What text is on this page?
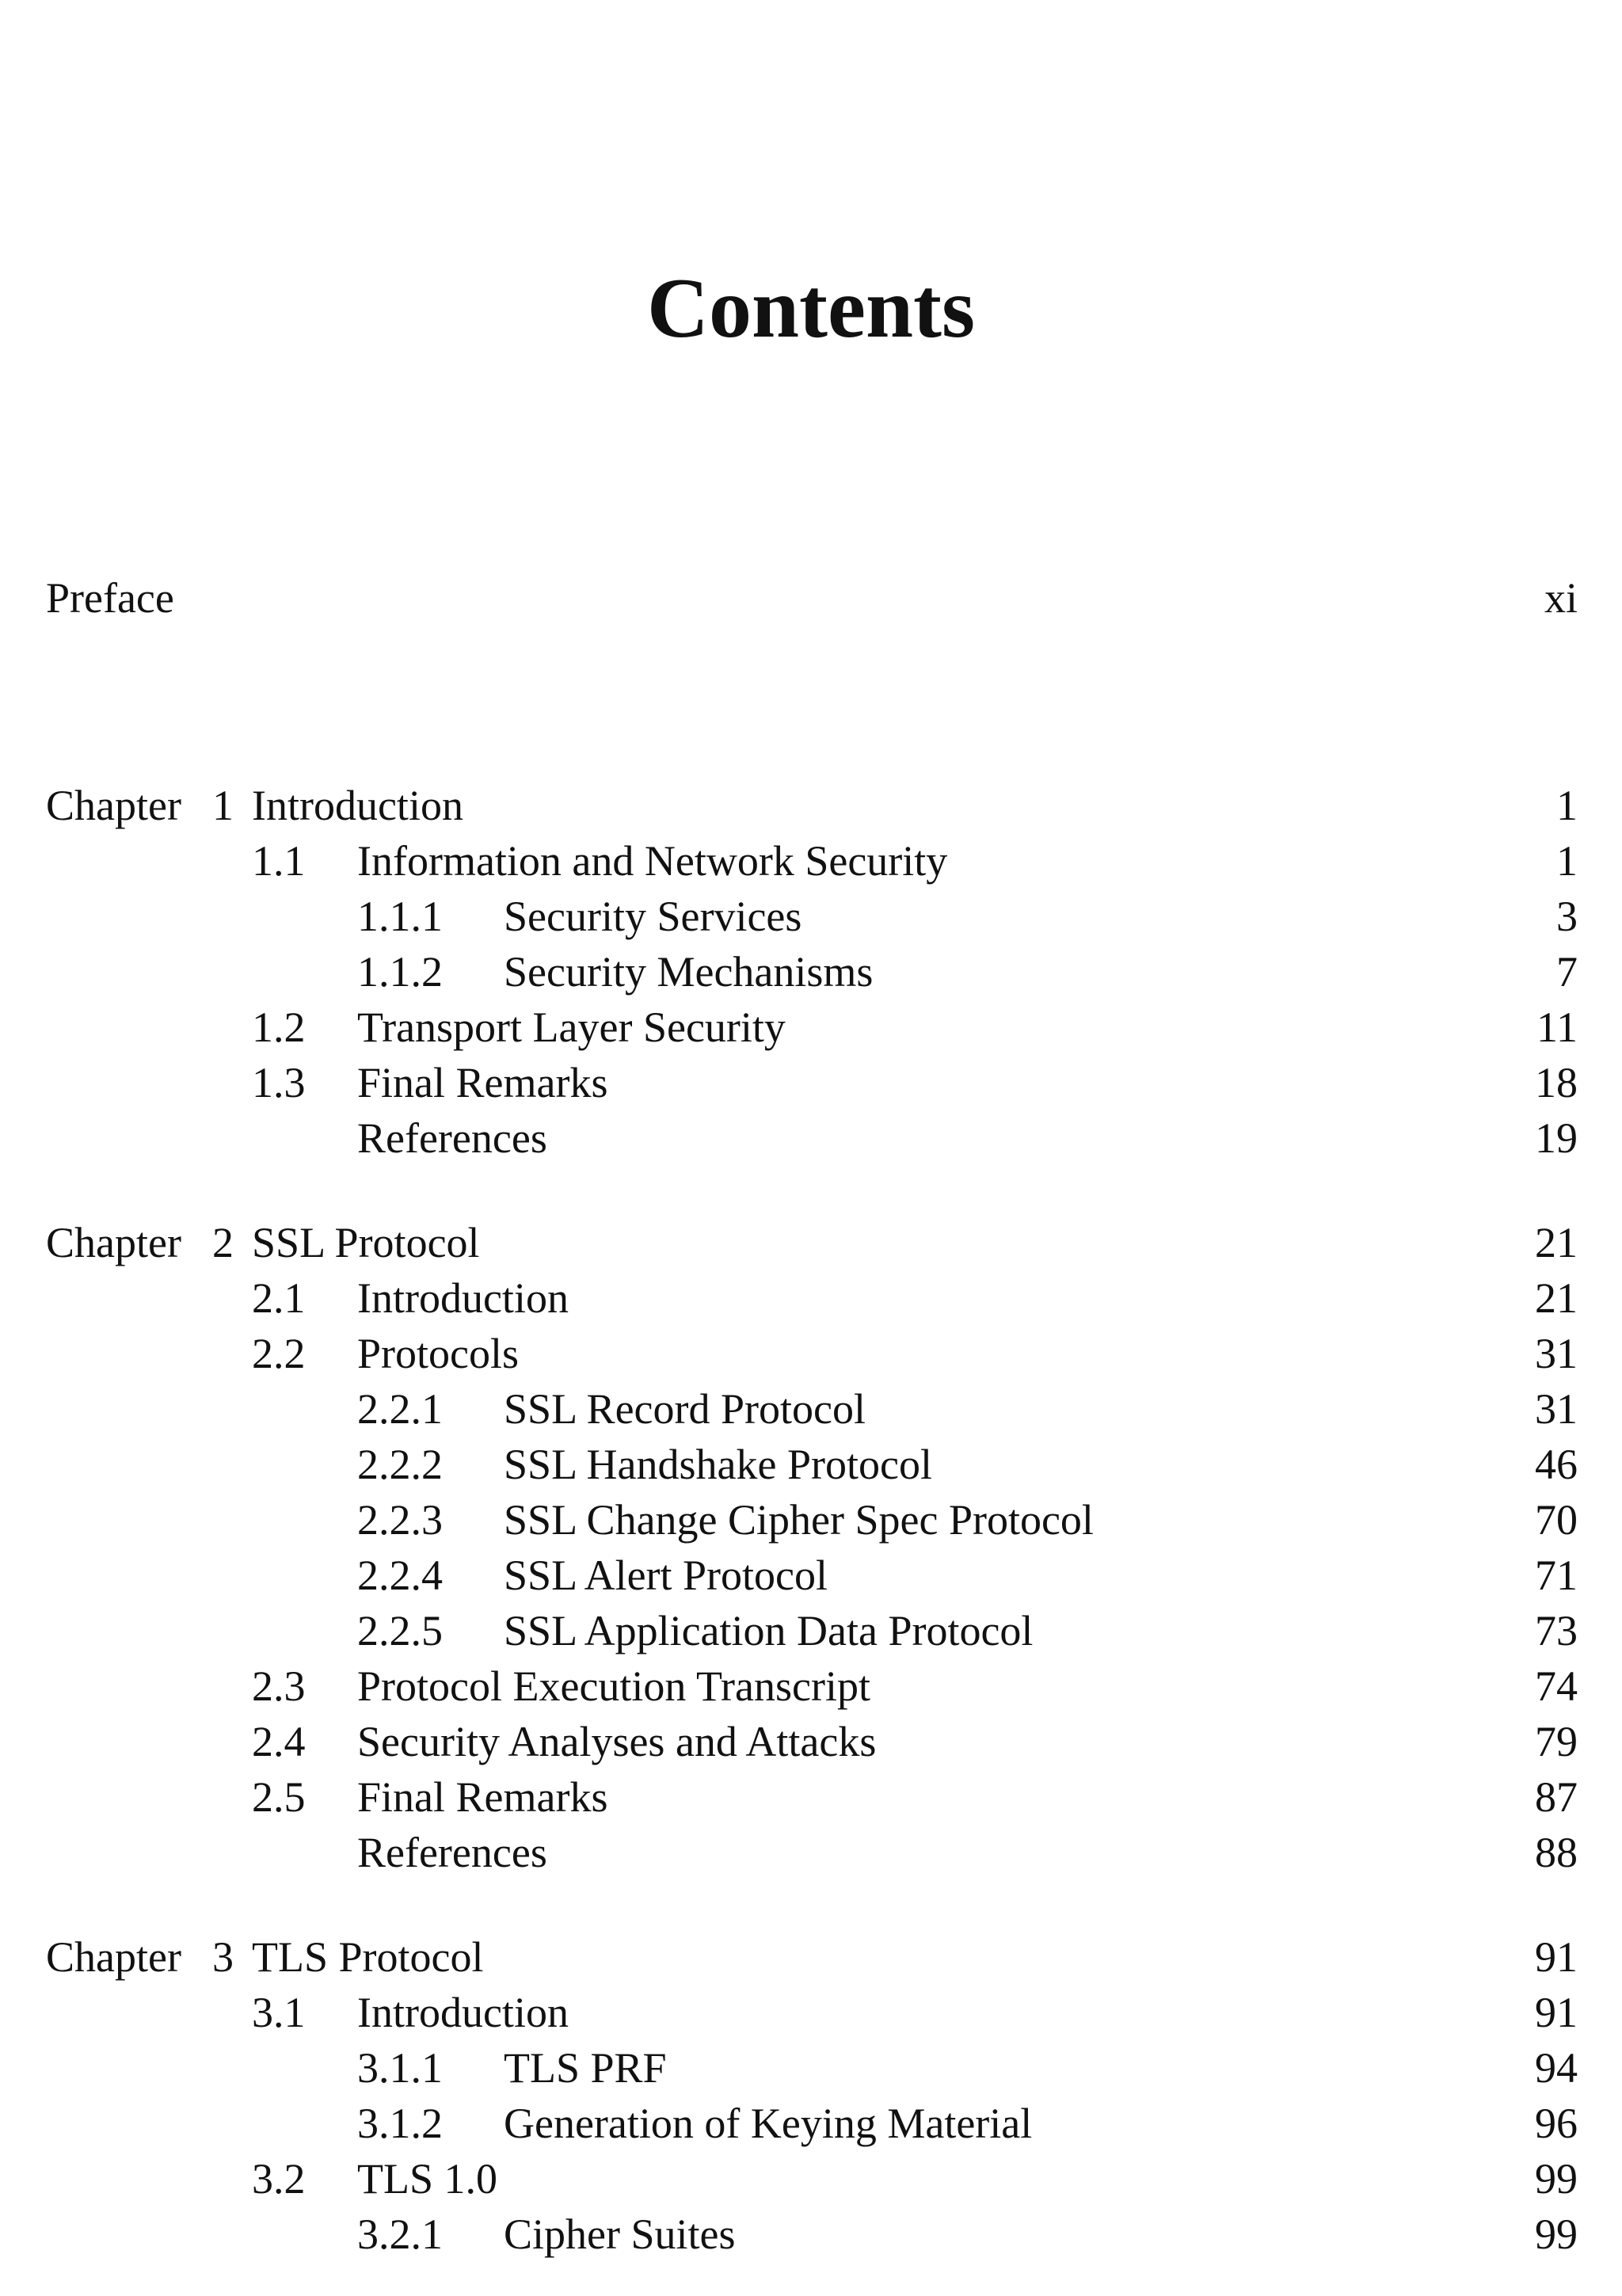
Contents
Preface	xi
Chapter 1 Introduction	1
1.1 Information and Network Security	1
1.1.1 Security Services	3
1.1.2 Security Mechanisms	7
1.2 Transport Layer Security	11
1.3 Final Remarks	18
References	19
Chapter 2 SSL Protocol	21
2.1 Introduction	21
2.2 Protocols	31
2.2.1 SSL Record Protocol	31
2.2.2 SSL Handshake Protocol	46
2.2.3 SSL Change Cipher Spec Protocol	70
2.2.4 SSL Alert Protocol	71
2.2.5 SSL Application Data Protocol	73
2.3 Protocol Execution Transcript	74
2.4 Security Analyses and Attacks	79
2.5 Final Remarks	87
References	88
Chapter 3 TLS Protocol	91
3.1 Introduction	91
3.1.1 TLS PRF	94
3.1.2 Generation of Keying Material	96
3.2 TLS 1.0	99
3.2.1 Cipher Suites	99
